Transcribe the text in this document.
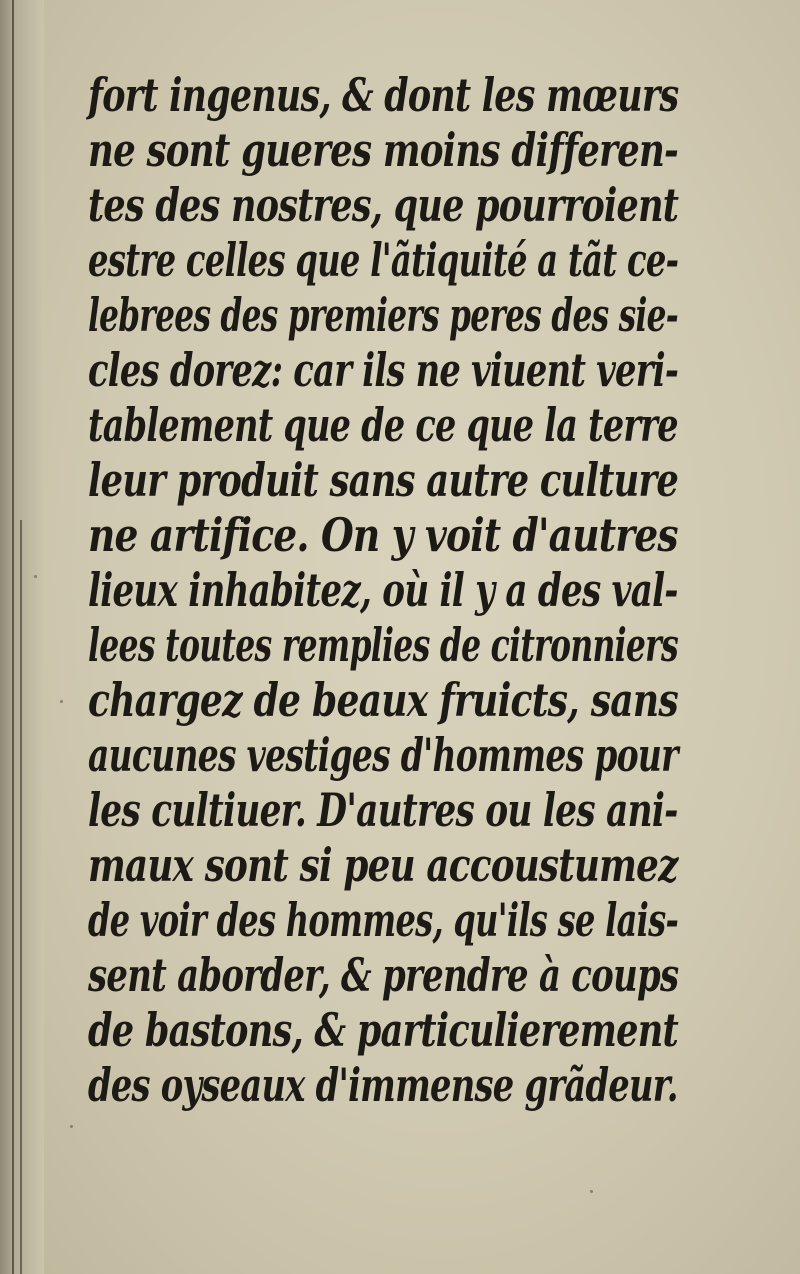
fort ingenus, & dont les mœurs
ne sont gueres moins differen-
tes des nostres, que pourroient
estre celles que l'ãtiquité a tãt ce-
lebrees des premiers peres des sie-
cles dorez: car ils ne viuent veri-
tablement que de ce que la terre
leur produit sans autre culture
ne artifice. On y voit d'autres
lieux inhabitez, où il y a des val-
lees toutes remplies de citronniers
chargez de beaux fruicts, sans
aucunes vestiges d'hommes pour
les cultiuer. D'autres ou les ani-
maux sont si peu accoustumez
de voir des hommes, qu'ils se lais-
sent aborder, & prendre à coups
de bastons, & particulierement
des oyseaux d'immense grãdeur.
